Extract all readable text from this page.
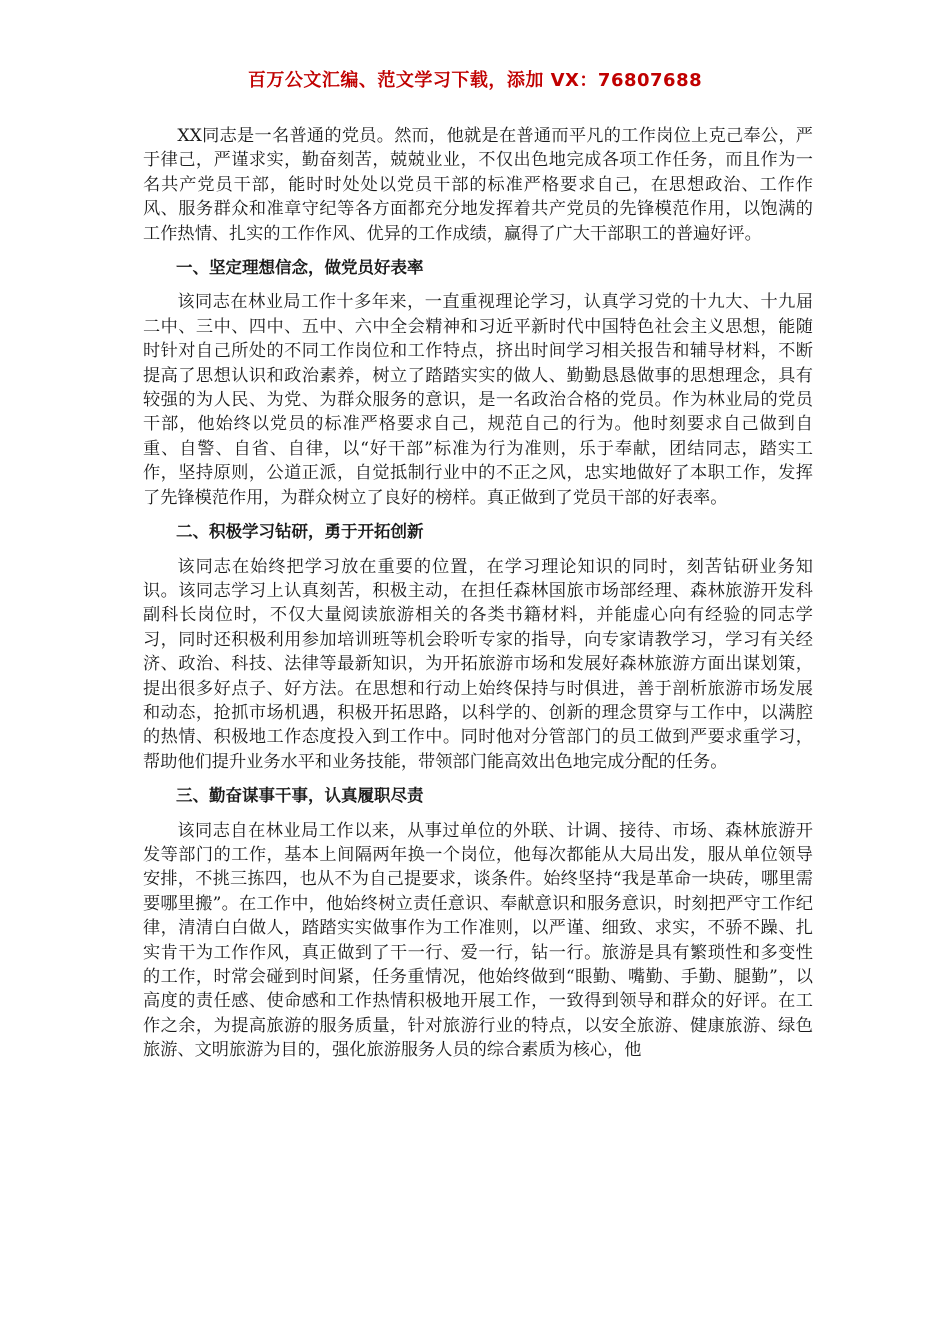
百万公文汇编、范文学习下载，添加 VX：76807688

XX同志是一名普通的党员。然而，他就是在普通而平凡的工作岗位上克己奉公，严于律己，严谨求实，勤奋刻苦，兢兢业业，不仅出色地完成各项工作任务，而且作为一名共产党员干部，能时时处处以党员干部的标准严格要求自己，在思想政治、工作作风、服务群众和准章守纪等各方面都充分地发挥着共产党员的先锋模范作用，以饱满的工作热情、扎实的工作作风、优异的工作成绩，赢得了广大干部职工的普遍好评。

一、坚定理想信念，做党员好表率

该同志在林业局工作十多年来，一直重视理论学习，认真学习党的十九大、十九届二中、三中、四中、五中、六中全会精神和习近平新时代中国特色社会主义思想，能随时针对自己所处的不同工作岗位和工作特点，挤出时间学习相关报告和辅导材料，不断提高了思想认识和政治素养，树立了踏踏实实的做人、勤勤恳恳做事的思想理念，具有较强的为人民、为党、为群众服务的意识，是一名政治合格的党员。作为林业局的党员干部，他始终以党员的标准严格要求自己，规范自己的行为。他时刻要求自己做到自重、自警、自省、自律，以“好干部”标准为行为准则，乐于奉献，团结同志，踏实工作，坚持原则，公道正派，自觉抵制行业中的不正之风，忠实地做好了本职工作，发挥了先锋模范作用，为群众树立了良好的榜样。真正做到了党员干部的好表率。

二、积极学习钻研，勇于开拓创新

该同志在始终把学习放在重要的位置，在学习理论知识的同时，刻苦钻研业务知识。该同志学习上认真刻苦，积极主动，在担任森林国旅市场部经理、森林旅游开发科副科长岗位时，不仅大量阅读旅游相关的各类书籍材料，并能虚心向有经验的同志学习，同时还积极利用参加培训班等机会聆听专家的指导，向专家请教学习，学习有关经济、政治、科技、法律等最新知识，为开拓旅游市场和发展好森林旅游方面出谋划策，提出很多好点子、好方法。在思想和行动上始终保持与时俱进，善于剖析旅游市场发展和动态，抢抓市场机遇，积极开拓思路，以科学的、创新的理念贯穿与工作中，以满腔的热情、积极地工作态度投入到工作中。同时他对分管部门的员工做到严要求重学习，帮助他们提升业务水平和业务技能，带领部门能高效出色地完成分配的任务。

三、勤奋谋事干事，认真履职尽责

该同志自在林业局工作以来，从事过单位的外联、计调、接待、市场、森林旅游开发等部门的工作，基本上间隔两年换一个岗位，他每次都能从大局出发，服从单位领导安排，不挑三拣四，也从不为自己提要求，谈条件。始终坚持“我是革命一块砖，哪里需要哪里搬”。在工作中，他始终树立责任意识、奉献意识和服务意识，时刻把严守工作纪律，清清白白做人，踏踏实实做事作为工作准则，以严谨、细致、求实，不骄不躁、扎实肯干为工作作风，真正做到了干一行、爱一行，钻一行。旅游是具有繁琐性和多变性的工作，时常会碰到时间紧，任务重情况，他始终做到“眼勤、嘴勤、手勤、腿勤”，以高度的责任感、使命感和工作热情积极地开展工作，一致得到领导和群众的好评。在工作之余，为提高旅游的服务质量，针对旅游行业的特点，以安全旅游、健康旅游、绿色旅游、文明旅游为目的，强化旅游服务人员的综合素质为核心，他
